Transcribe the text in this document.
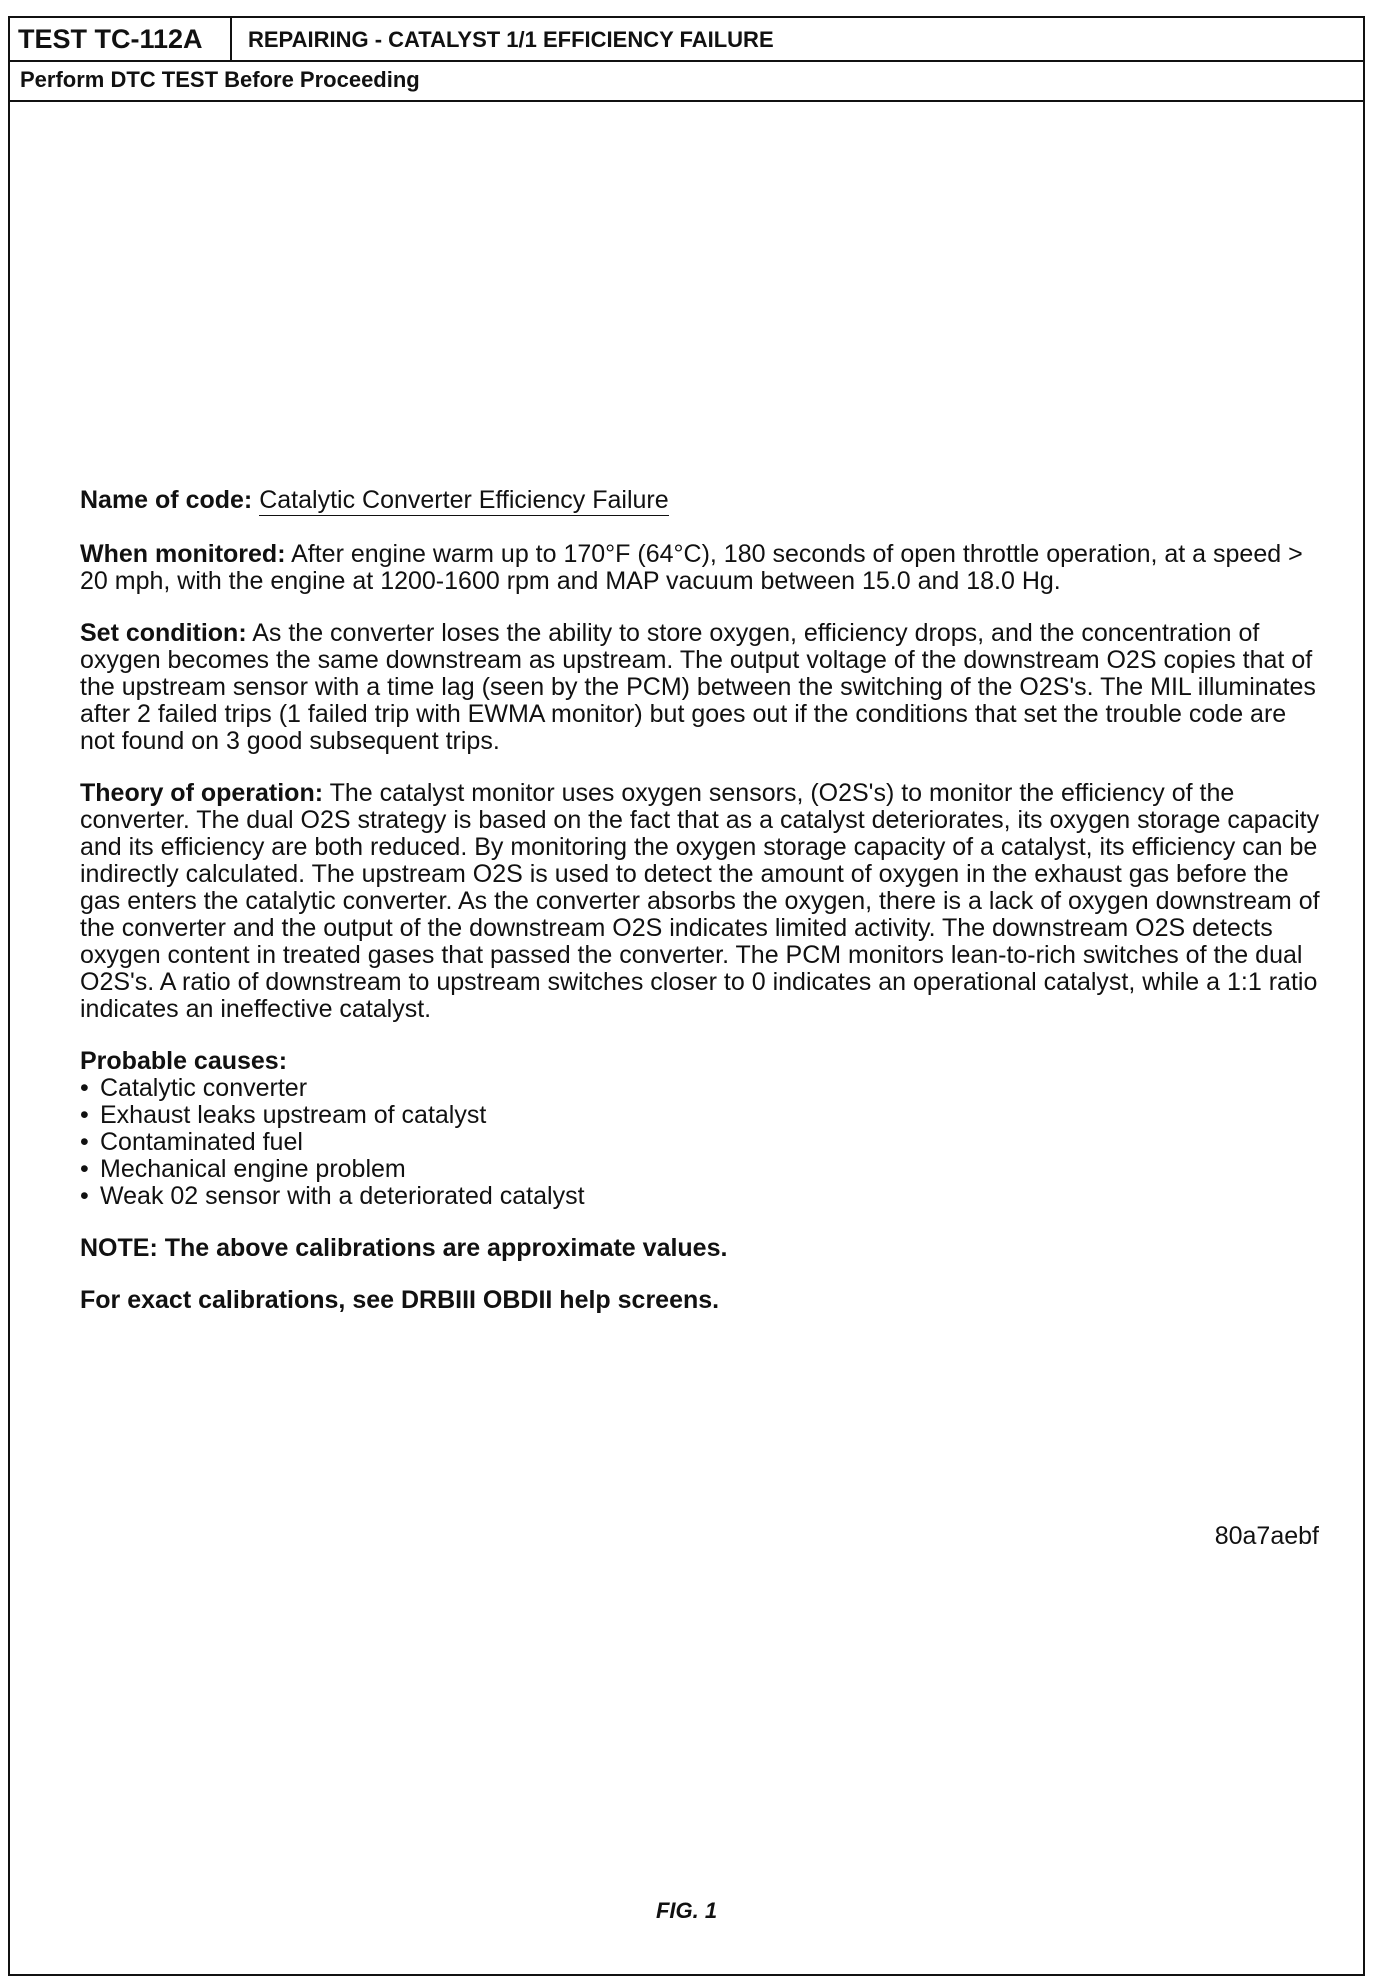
TEST TC-112A	REPAIRING - CATALYST 1/1 EFFICIENCY FAILURE
Perform DTC TEST Before Proceeding

Name of code: Catalytic Converter Efficiency Failure

When monitored: After engine warm up to 170°F (64°C), 180 seconds of open throttle operation, at a speed > 20 mph, with the engine at 1200-1600 rpm and MAP vacuum between 15.0 and 18.0 Hg.

Set condition: As the converter loses the ability to store oxygen, efficiency drops, and the concentration of oxygen becomes the same downstream as upstream. The output voltage of the downstream O2S copies that of the upstream sensor with a time lag (seen by the PCM) between the switching of the O2S's. The MIL illuminates after 2 failed trips (1 failed trip with EWMA monitor) but goes out if the conditions that set the trouble code are not found on 3 good subsequent trips.

Theory of operation: The catalyst monitor uses oxygen sensors, (O2S's) to monitor the efficiency of the converter. The dual O2S strategy is based on the fact that as a catalyst deteriorates, its oxygen storage capacity and its efficiency are both reduced. By monitoring the oxygen storage capacity of a catalyst, its efficiency can be indirectly calculated. The upstream O2S is used to detect the amount of oxygen in the exhaust gas before the gas enters the catalytic converter. As the converter absorbs the oxygen, there is a lack of oxygen downstream of the converter and the output of the downstream O2S indicates limited activity. The downstream O2S detects oxygen content in treated gases that passed the converter. The PCM monitors lean-to-rich switches of the dual O2S's. A ratio of downstream to upstream switches closer to 0 indicates an operational catalyst, while a 1:1 ratio indicates an ineffective catalyst.

Probable causes:
• Catalytic converter
• Exhaust leaks upstream of catalyst
• Contaminated fuel
• Mechanical engine problem
• Weak 02 sensor with a deteriorated catalyst

NOTE: The above calibrations are approximate values.

For exact calibrations, see DRBIII OBDII help screens.

80a7aebf
FIG. 1
